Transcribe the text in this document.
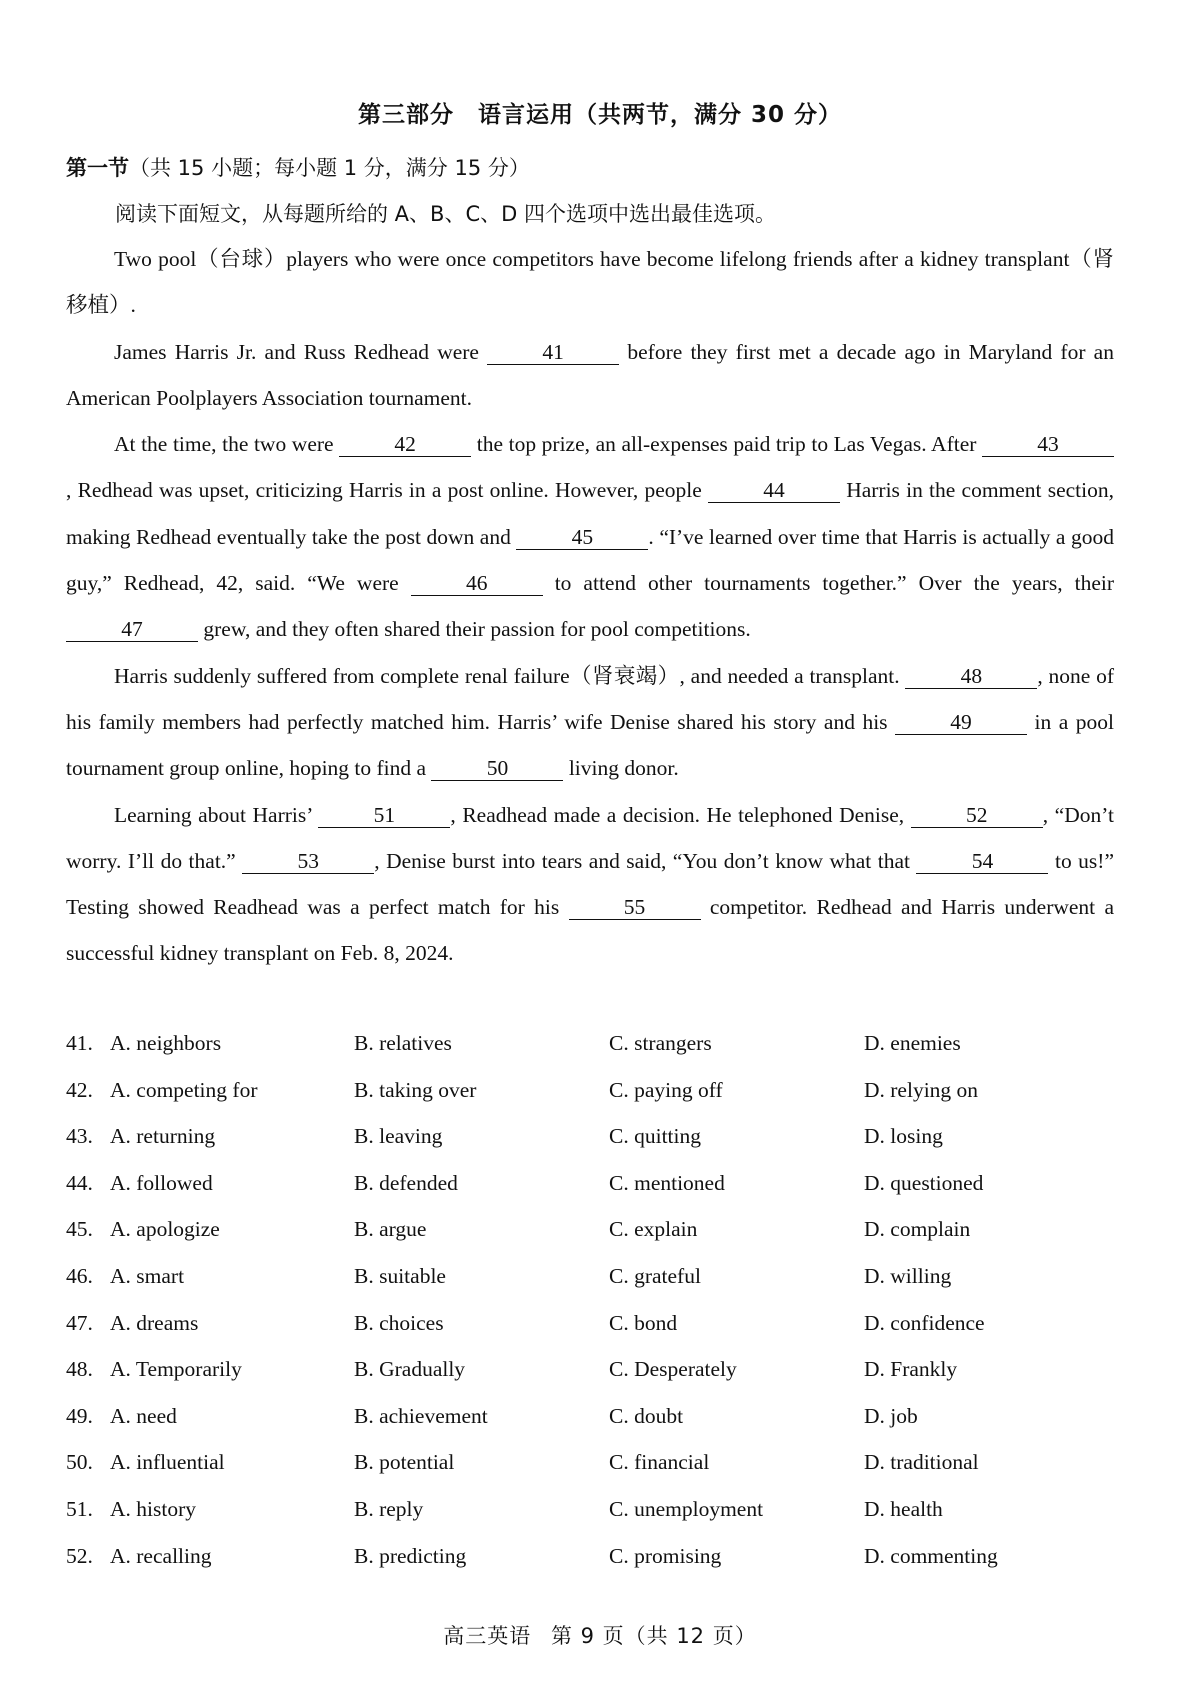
第三部分　语言运用（共两节，满分 30 分）
第一节（共 15 小题；每小题 1 分，满分 15 分）
阅读下面短文，从每题所给的 A、B、C、D 四个选项中选出最佳选项。

Two pool（台球）players who were once competitors have become lifelong friends after a kidney transplant（肾移植）.

James Harris Jr. and Russ Redhead were	41	before they first met a decade ago in Maryland for an American Poolplayers Association tournament.

At the time, the two were	42	the top prize, an all-expenses paid trip to Las Vegas. After	43, Redhead was upset, criticizing Harris in a post online. However, people	44	Harris in the comment section, making Redhead eventually take the post down and	45	. “I’ve learned over time that Harris is actually a good guy,” Redhead, 42, said. “We were	46	to attend other tournaments together.” Over the years, their 47	grew, and they often shared their passion for pool competitions.

Harris suddenly suffered from complete renal failure（肾衰竭）, and needed a transplant.	48	, none of his family members had perfectly matched him. Harris’ wife Denise shared his story and his	49	in a pool tournament group online, hoping to find a	50	living donor.

Learning about Harris’	51	, Readhead made a decision. He telephoned Denise,	52	, “Don’t worry. I’ll do that.”	53	, Denise burst into tears and said, “You don’t know what that	54	to us!” Testing showed Readhead was a perfect match for his	55	competitor. Redhead and Harris underwent a successful kidney transplant on Feb. 8, 2024.

41. A. neighbors	B. relatives	C. strangers	D. enemies
42. A. competing for	B. taking over	C. paying off	D. relying on
43. A. returning	B. leaving	C. quitting	D. losing
44. A. followed	B. defended	C. mentioned	D. questioned
45. A. apologize	B. argue	C. explain	D. complain
46. A. smart	B. suitable	C. grateful	D. willing
47. A. dreams	B. choices	C. bond	D. confidence
48. A. Temporarily	B. Gradually	C. Desperately	D. Frankly
49. A. need	B. achievement	C. doubt	D. job
50. A. influential	B. potential	C. financial	D. traditional
51. A. history	B. reply	C. unemployment	D. health
52. A. recalling	B. predicting	C. promising	D. commenting
高三英语 第 9 页（共 12 页）
